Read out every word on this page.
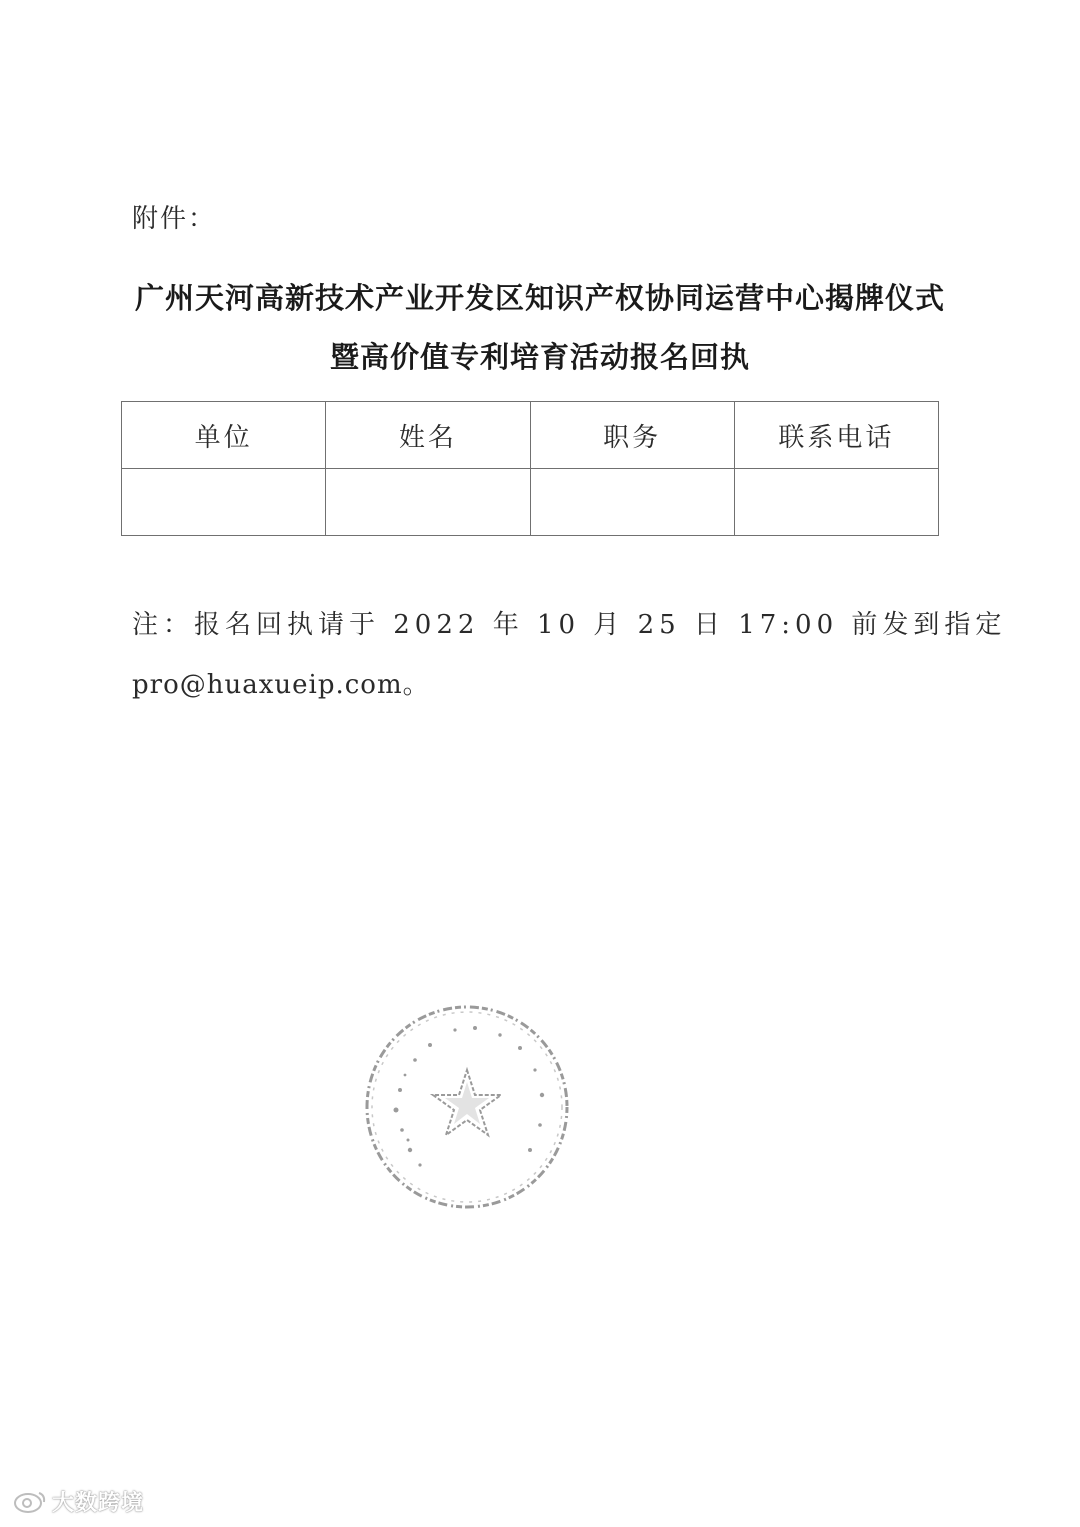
附件：
广州天河高新技术产业开发区知识产权协同运营中心揭牌仪式
暨高价值专利培育活动报名回执
单位	姓名	职务	联系电话

注：报名回执请于 2022 年 10 月 25 日 17:00 前发到指定
pro@huaxueip.com。
大数跨境
